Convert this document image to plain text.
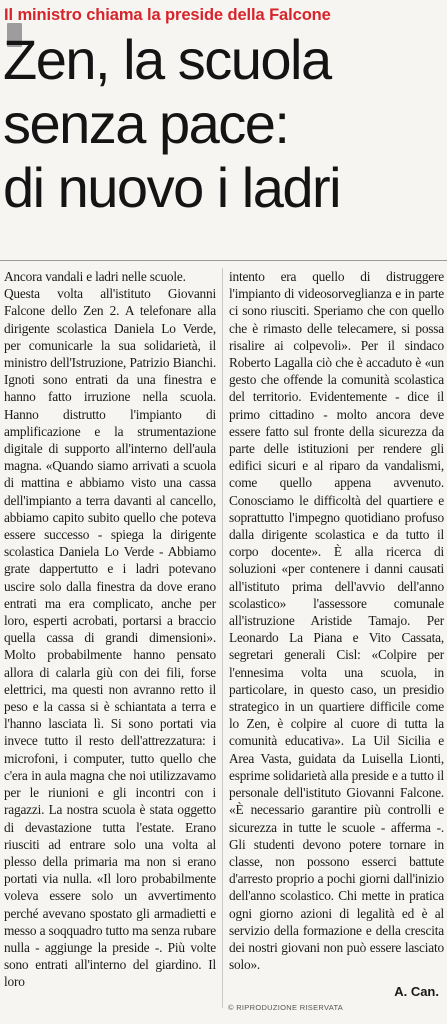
Il ministro chiama la preside della Falcone
Zen, la scuola
senza pace:
di nuovo i ladri
Ancora vandali e ladri nelle scuole.
Questa volta all'istituto Giovanni Falcone dello Zen 2. A telefonare alla dirigente scolastica Daniela Lo Verde, per comunicarle la sua solidarietà, il ministro dell'Istruzione, Patrizio Bianchi. Ignoti sono entrati da una finestra e hanno fatto irruzione nella scuola. Hanno distrutto l'impianto di amplificazione e la strumentazione digitale di supporto all'interno dell'aula magna. «Quando siamo arrivati a scuola di mattina e abbiamo visto una cassa dell'impianto a terra davanti al cancello, abbiamo capito subito quello che poteva essere successo - spiega la dirigente scolastica Daniela Lo Verde - Abbiamo grate dappertutto e i ladri potevano uscire solo dalla finestra da dove erano entrati ma era complicato, anche per loro, esperti acrobati, portarsi a braccio quella cassa di grandi dimensioni». Molto probabilmente hanno pensato allora di calarla giù con dei fili, forse elettrici, ma questi non avranno retto il peso e la cassa si è schiantata a terra e l'hanno lasciata lì. Si sono portati via invece tutto il resto dell'attrezzatura: i microfoni, i computer, tutto quello che c'era in aula magna che noi utilizzavamo per le riunioni e gli incontri con i ragazzi. La nostra scuola è stata oggetto di devastazione tutta l'estate. Erano riusciti ad entrare solo una volta al plesso della primaria ma non si erano portati via nulla. «Il loro probabilmente voleva essere solo un avvertimento perché avevano spostato gli armadietti e messo a soqquadro tutto ma senza rubare nulla - aggiunge la preside -. Più volte sono entrati all'interno del giardino. Il loro
intento era quello di distruggere l'impianto di videosorveglianza e in parte ci sono riusciti. Speriamo che con quello che è rimasto delle telecamere, si possa risalire ai colpevoli». Per il sindaco Roberto Lagalla ciò che è accaduto è «un gesto che offende la comunità scolastica del territorio. Evidentemente - dice il primo cittadino - molto ancora deve essere fatto sul fronte della sicurezza da parte delle istituzioni per rendere gli edifici sicuri e al riparo da vandalismi, come quello appena avvenuto. Conosciamo le difficoltà del quartiere e soprattutto l'impegno quotidiano profuso dalla dirigente scolastica e da tutto il corpo docente». È alla ricerca di soluzioni «per contenere i danni causati all'istituto prima dell'avvio dell'anno scolastico» l'assessore comunale all'istruzione Aristide Tamajo. Per Leonardo La Piana e Vito Cassata, segretari generali Cisl: «Colpire per l'ennesima volta una scuola, in particolare, in questo caso, un presidio strategico in un quartiere difficile come lo Zen, è colpire al cuore di tutta la comunità educativa». La Uil Sicilia e Area Vasta, guidata da Luisella Lionti, esprime solidarietà alla preside e a tutto il personale dell'istituto Giovanni Falcone. «È necessario garantire più controlli e sicurezza in tutte le scuole - afferma -. Gli studenti devono potere tornare in classe, non possono esserci battute d'arresto proprio a pochi giorni dall'inizio dell'anno scolastico. Chi mette in pratica ogni giorno azioni di legalità ed è al servizio della formazione e della crescita dei nostri giovani non può essere lasciato solo».
© RIPRODUZIONE RISERVATA
A. Can.
